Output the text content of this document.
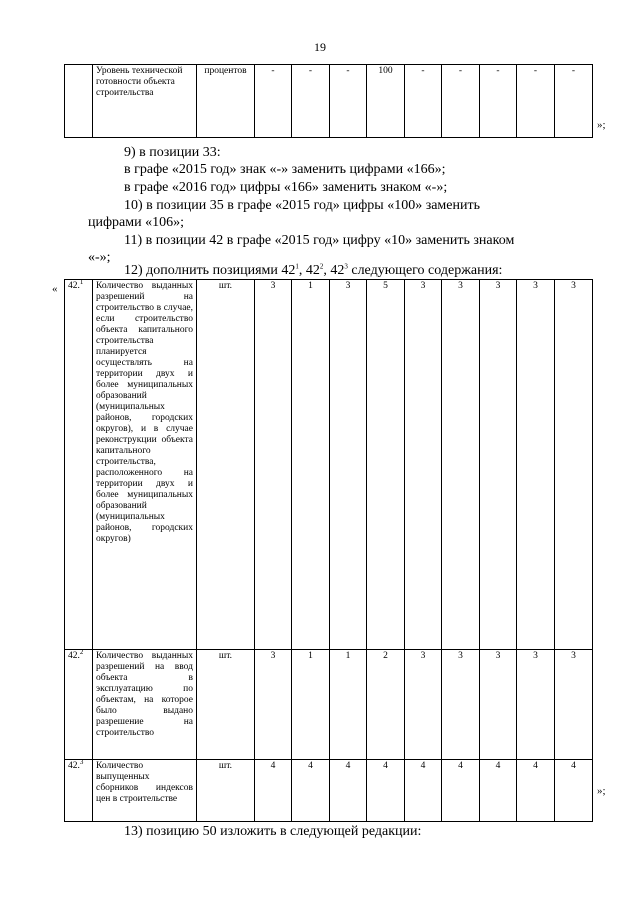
19
	Уровень технической готовности объекта строительства	процентов	-	-	-	100	-	-	-	-	-
»;
9) в позиции 33:
в графе «2015 год» знак «-» заменить цифрами «166»;
в графе «2016 год» цифры «166» заменить знаком «-»;
10) в позиции 35 в графе «2015 год» цифры «100» заменить
цифрами «106»;
11) в позиции 42 в графе «2015 год» цифру «10» заменить знаком
«-»;
12) дополнить позициями $42^1$, $42^2$, $42^3$ следующего содержания:
« 42.$^1$	Количество выданных разрешений на строительство в случае, если строительство объекта капитального строительства планируется осуществлять на территории двух и более муниципальных образований (муниципальных районов, городских округов), и в случае реконструкции объекта капитального строительства, расположенного на территории двух и более муниципальных образований (муниципальных районов, городских округов)	шт.	3	1	3	5	3	3	3	3	3
42.$^2$	Количество выданных разрешений на ввод объекта в эксплуатацию по объектам, на которое было выдано разрешение на строительство	шт.	3	1	1	2	3	3	3	3	3
42.$^3$	Количество выпущенных сборников индексов цен в строительстве	шт.	4	4	4	4	4	4	4	4	4
»;
13) позицию 50 изложить в следующей редакции:
